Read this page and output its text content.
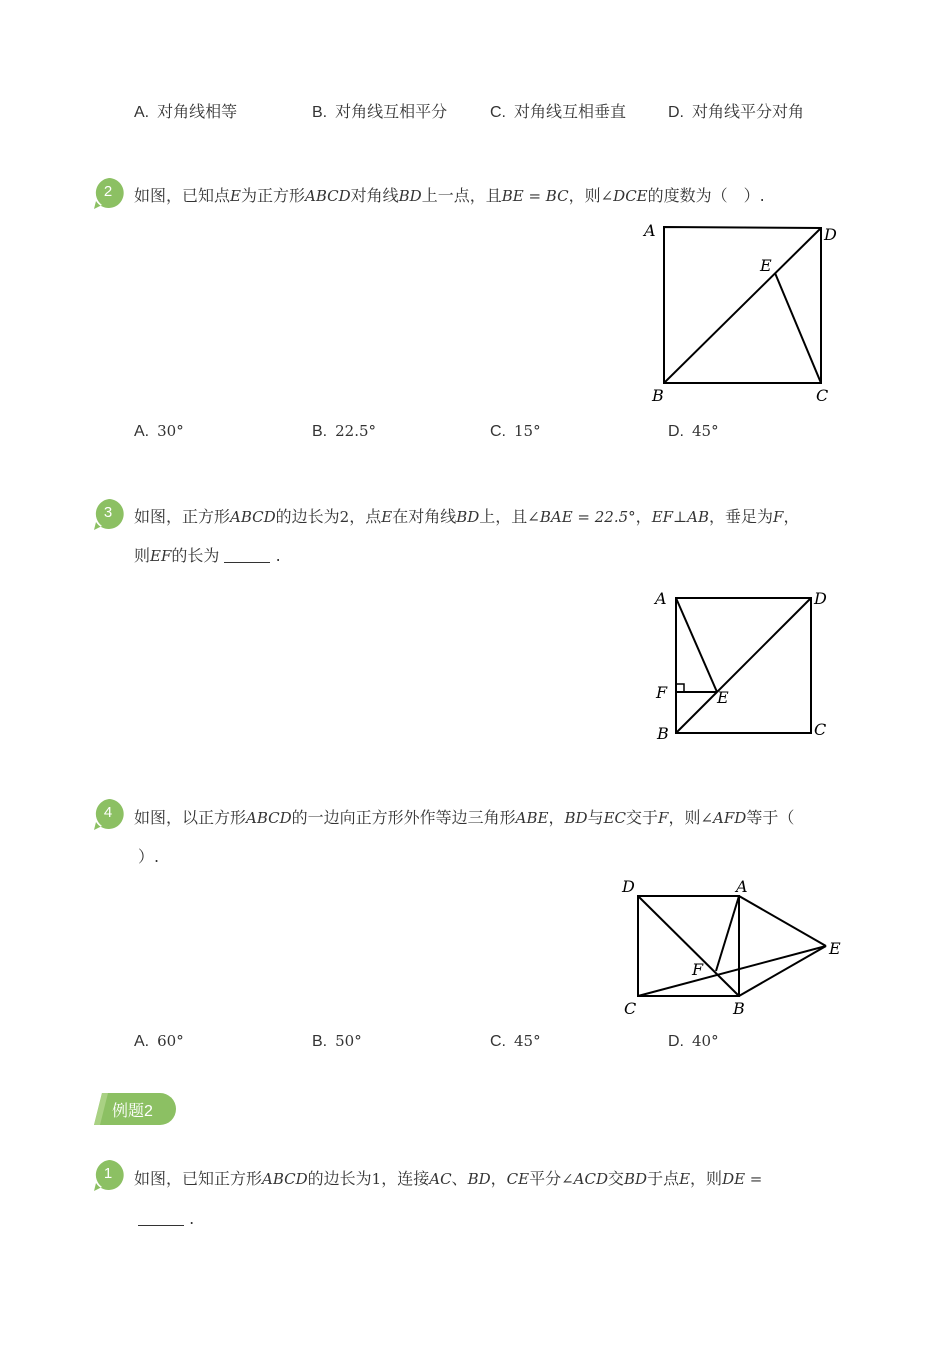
A. 对角线相等	B. 对角线互相平分	C. 对角线互相垂直	D. 对角线平分对角
2	如图，已知点E为正方形ABCD对角线BD上一点，且BE = BC，则∠DCE的度数为（　）.
A	D
E
B	C
A. 30°	B. 22.5°	C. 15°	D. 45°
3	如图，正方形ABCD的边长为2，点E在对角线BD上，且∠BAE = 22.5°，EF⊥AB，垂足为F，
则EF的长为	.
A	D
F	E
B	C
4	如图，以正方形ABCD的一边向正方形外作等边三角形ABE，BD与EC交于F，则∠AFD等于（
）.
D	A
E
F
C	B
A. 60°	B. 50°	C. 45°	D. 40°
例题2
1	如图，已知正方形ABCD的边长为1，连接AC、BD，CE平分∠ACD交BD于点E，则DE =
.
